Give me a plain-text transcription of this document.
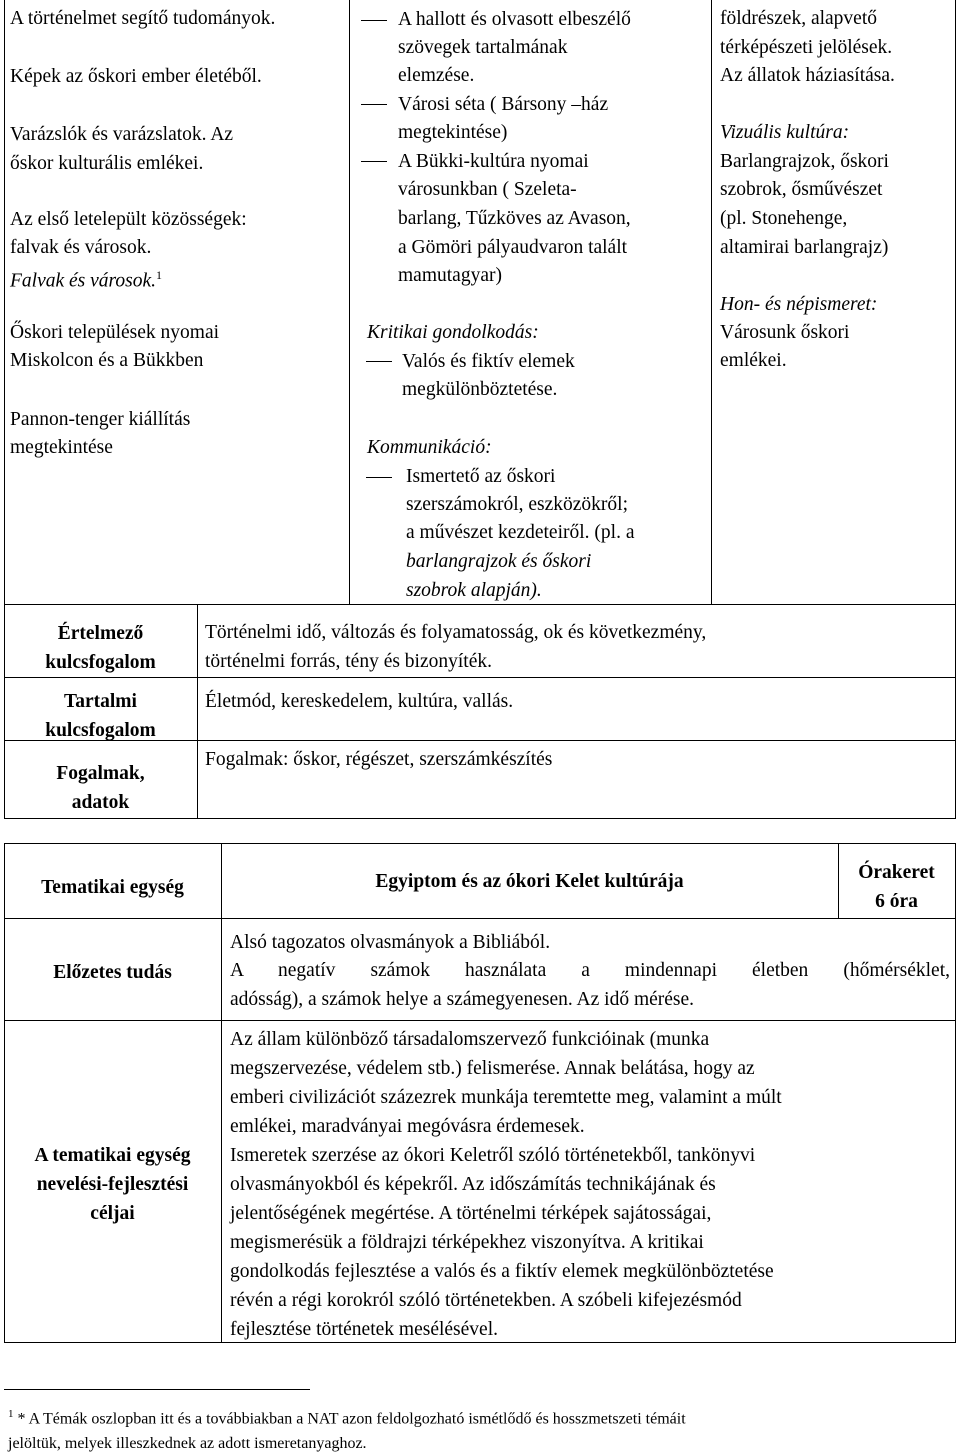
A történelmet segítő tudományok.
Képek az őskori ember életéből.
Varázslók és varázslatok. Az
őskor kulturális emlékei.
Az első letelepült közösségek:
falvak és városok.
Falvak és városok.$^1$
Őskori települések nyomai
Miskolcon és a Bükkben
Pannon-tenger kiállítás
megtekintése
A hallott és olvasott elbeszélő
szövegek tartalmának
elemzése.
Városi séta ( Bársony –ház
megtekintése)
A Bükki-kultúra nyomai
városunkban ( Szeleta-
barlang, Tűzköves az Avason,
a Gömöri pályaudvaron talált
mamutagyar)
Kritikai gondolkodás:
Valós és fiktív elemek
megkülönböztetése.
Kommunikáció:
Ismertető az őskori
szerszámokról, eszközökről;
a művészet kezdeteiről. (pl. a
barlangrajzok és őskori
szobrok alapján).
földrészek, alapvető
térképészeti jelölések.
Az állatok háziasítása.
Vizuális kultúra:
Barlangrajzok, őskori
szobrok, ősművészet
(pl. Stonehenge,
altamirai barlangrajz)
Hon- és népismeret:
Városunk őskori
emlékei.
Értelmező
kulcsfogalom
Történelmi idő, változás és folyamatosság, ok és következmény,
történelmi forrás, tény és bizonyíték.
Tartalmi
kulcsfogalom
Életmód, kereskedelem, kultúra, vallás.
Fogalmak,
adatok
Fogalmak: őskor, régészet, szerszámkészítés
Tematikai egység	Egyiptom és az ókori Kelet kultúrája	Órakeret
6 óra
Előzetes tudás
Alsó tagozatos olvasmányok a Bibliából.
A negatív számok használata a mindennapi életben (hőmérséklet,
adósság), a számok helye a számegyenesen. Az idő mérése.
A tematikai egység
nevelési-fejlesztési
céljai
Az állam különböző társadalomszervező funkcióinak (munka
megszervezése, védelem stb.) felismerése. Annak belátása, hogy az
emberi civilizációt százezrek munkája teremtette meg, valamint a múlt
emlékei, maradványai megóvásra érdemesek.
Ismeretek szerzése az ókori Keletről szóló történetekből, tankönyvi
olvasmányokból és képekről. Az időszámítás technikájának és
jelentőségének megértése. A történelmi térképek sajátosságai,
megismerésük a földrajzi térképekhez viszonyítva. A kritikai
gondolkodás fejlesztése a valós és a fiktív elemek megkülönböztetése
révén a régi korokról szóló történetekben. A szóbeli kifejezésmód
fejlesztése történetek mesélésével.
$^1$ * A Témák oszlopban itt és a továbbiakban a NAT azon feldolgozható ismétlődő és hosszmetszeti témáit
jelöltük, melyek illeszkednek az adott ismeretanyaghoz.
